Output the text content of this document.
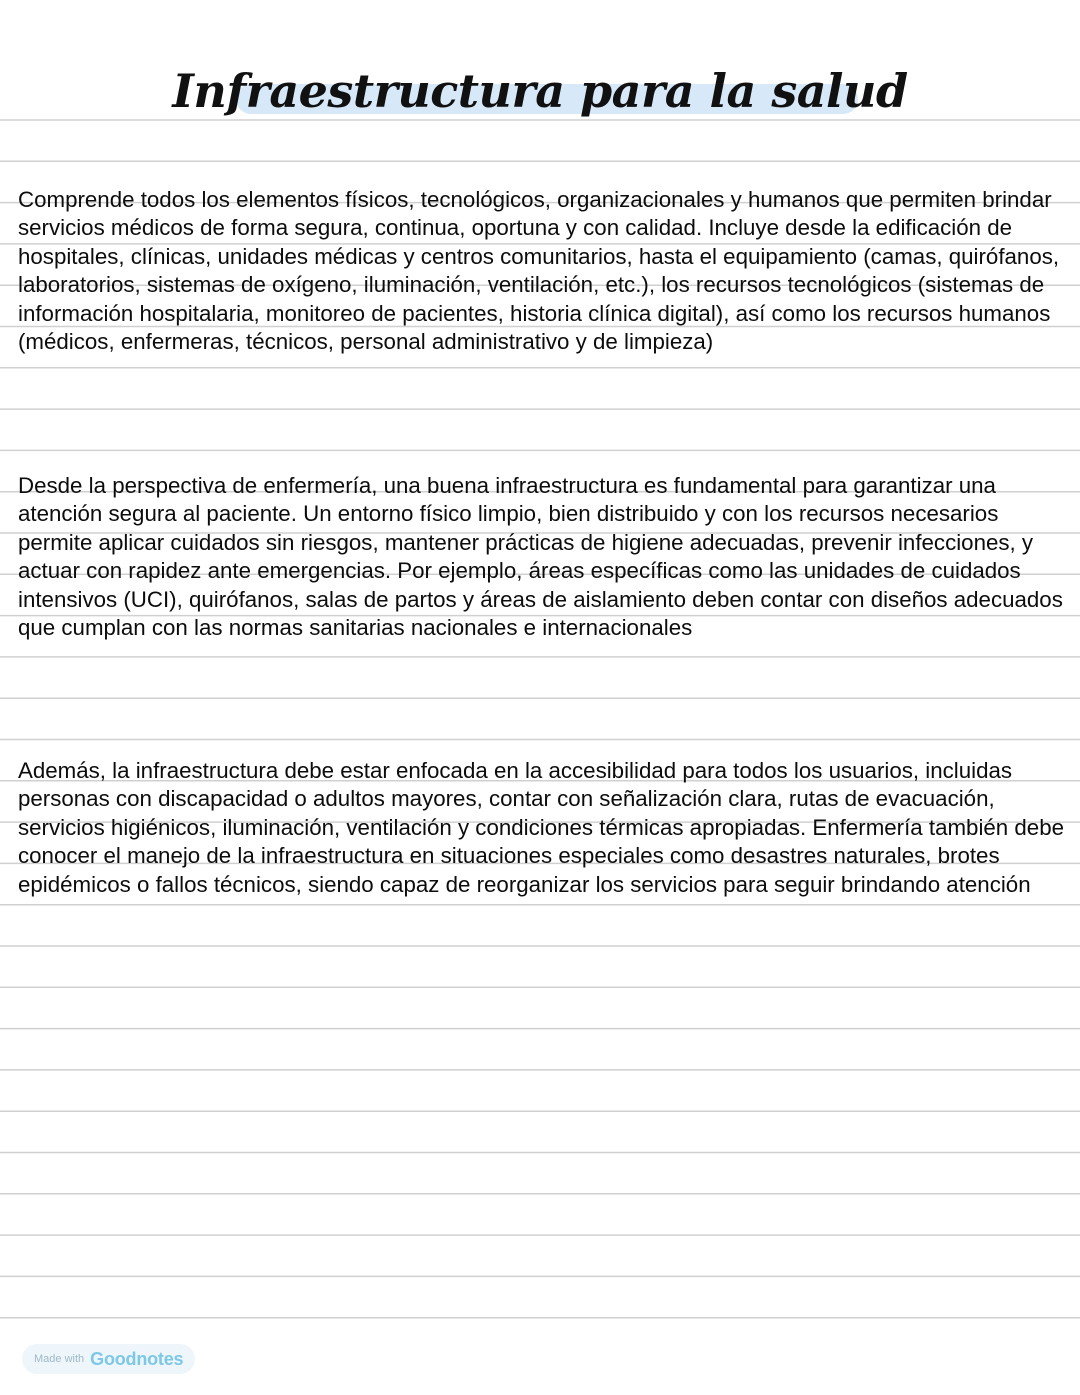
Infraestructura para la salud

Comprende todos los elementos físicos, tecnológicos, organizacionales y humanos que permiten brindar servicios médicos de forma segura, continua, oportuna y con calidad. Incluye desde la edificación de hospitales, clínicas, unidades médicas y centros comunitarios, hasta el equipamiento (camas, quirófanos, laboratorios, sistemas de oxígeno, iluminación, ventilación, etc.), los recursos tecnológicos (sistemas de información hospitalaria, monitoreo de pacientes, historia clínica digital), así como los recursos humanos (médicos, enfermeras, técnicos, personal administrativo y de limpieza)

Desde la perspectiva de enfermería, una buena infraestructura es fundamental para garantizar una atención segura al paciente. Un entorno físico limpio, bien distribuido y con los recursos necesarios permite aplicar cuidados sin riesgos, mantener prácticas de higiene adecuadas, prevenir infecciones, y actuar con rapidez ante emergencias. Por ejemplo, áreas específicas como las unidades de cuidados intensivos (UCI), quirófanos, salas de partos y áreas de aislamiento deben contar con diseños adecuados que cumplan con las normas sanitarias nacionales e internacionales

Además, la infraestructura debe estar enfocada en la accesibilidad para todos los usuarios, incluidas personas con discapacidad o adultos mayores, contar con señalización clara, rutas de evacuación, servicios higiénicos, iluminación, ventilación y condiciones térmicas apropiadas. Enfermería también debe conocer el manejo de la infraestructura en situaciones especiales como desastres naturales, brotes epidémicos o fallos técnicos, siendo capaz de reorganizar los servicios para seguir brindando atención

Made with Goodnotes
